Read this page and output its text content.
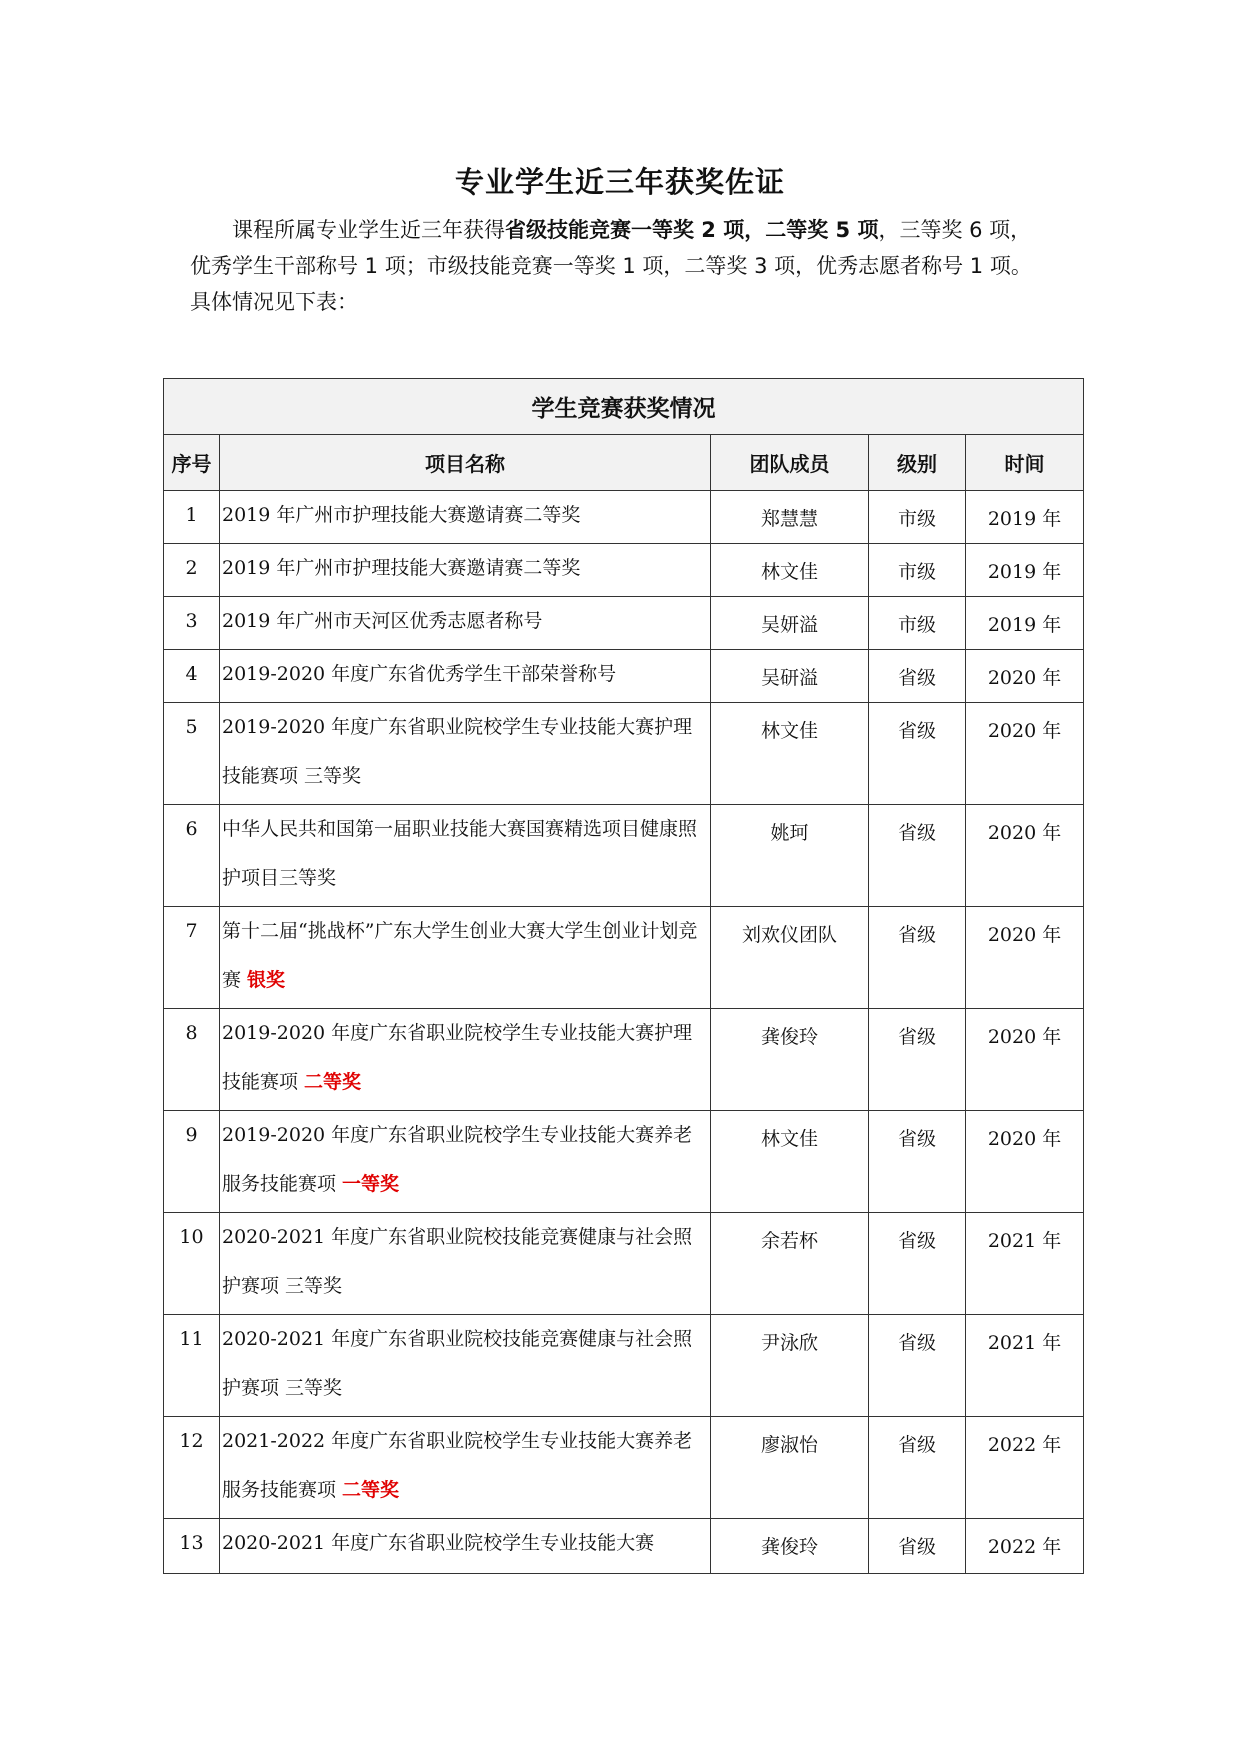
专业学生近三年获奖佐证

课程所属专业学生近三年获得省级技能竞赛一等奖 2 项，二等奖 5 项，三等奖 6 项，

优秀学生干部称号 1 项；市级技能竞赛一等奖 1 项，二等奖 3 项，优秀志愿者称号 1 项。

具体情况见下表：

学生竞赛获奖情况				
序号	项目名称	团队成员	级别	时间
1	2019 年广州市护理技能大赛邀请赛二等奖	郑慧慧	市级	2019 年
2	2019 年广州市护理技能大赛邀请赛二等奖	林文佳	市级	2019 年
3	2019 年广州市天河区优秀志愿者称号	吴妍溢	市级	2019 年
4	2019-2020 年度广东省优秀学生干部荣誉称号	吴研溢	省级	2020 年
5	2019-2020 年度广东省职业院校学生专业技能大赛护理技能赛项 三等奖	林文佳	省级	2020 年
6	中华人民共和国第一届职业技能大赛国赛精选项目健康照护项目三等奖	姚珂	省级	2020 年
7	第十二届“挑战杯”广东大学生创业大赛大学生创业计划竞赛 银奖	刘欢仪团队	省级	2020 年
8	2019-2020 年度广东省职业院校学生专业技能大赛护理技能赛项 二等奖	龚俊玲	省级	2020 年
9	2019-2020 年度广东省职业院校学生专业技能大赛养老服务技能赛项 一等奖	林文佳	省级	2020 年
10	2020-2021 年度广东省职业院校技能竞赛健康与社会照护赛项 三等奖	余若杯	省级	2021 年
11	2020-2021 年度广东省职业院校技能竞赛健康与社会照护赛项 三等奖	尹泳欣	省级	2021 年
12	2021-2022 年度广东省职业院校学生专业技能大赛养老服务技能赛项 二等奖	廖淑怡	省级	2022 年
13	2020-2021 年度广东省职业院校学生专业技能大赛	龚俊玲	省级	2022 年
